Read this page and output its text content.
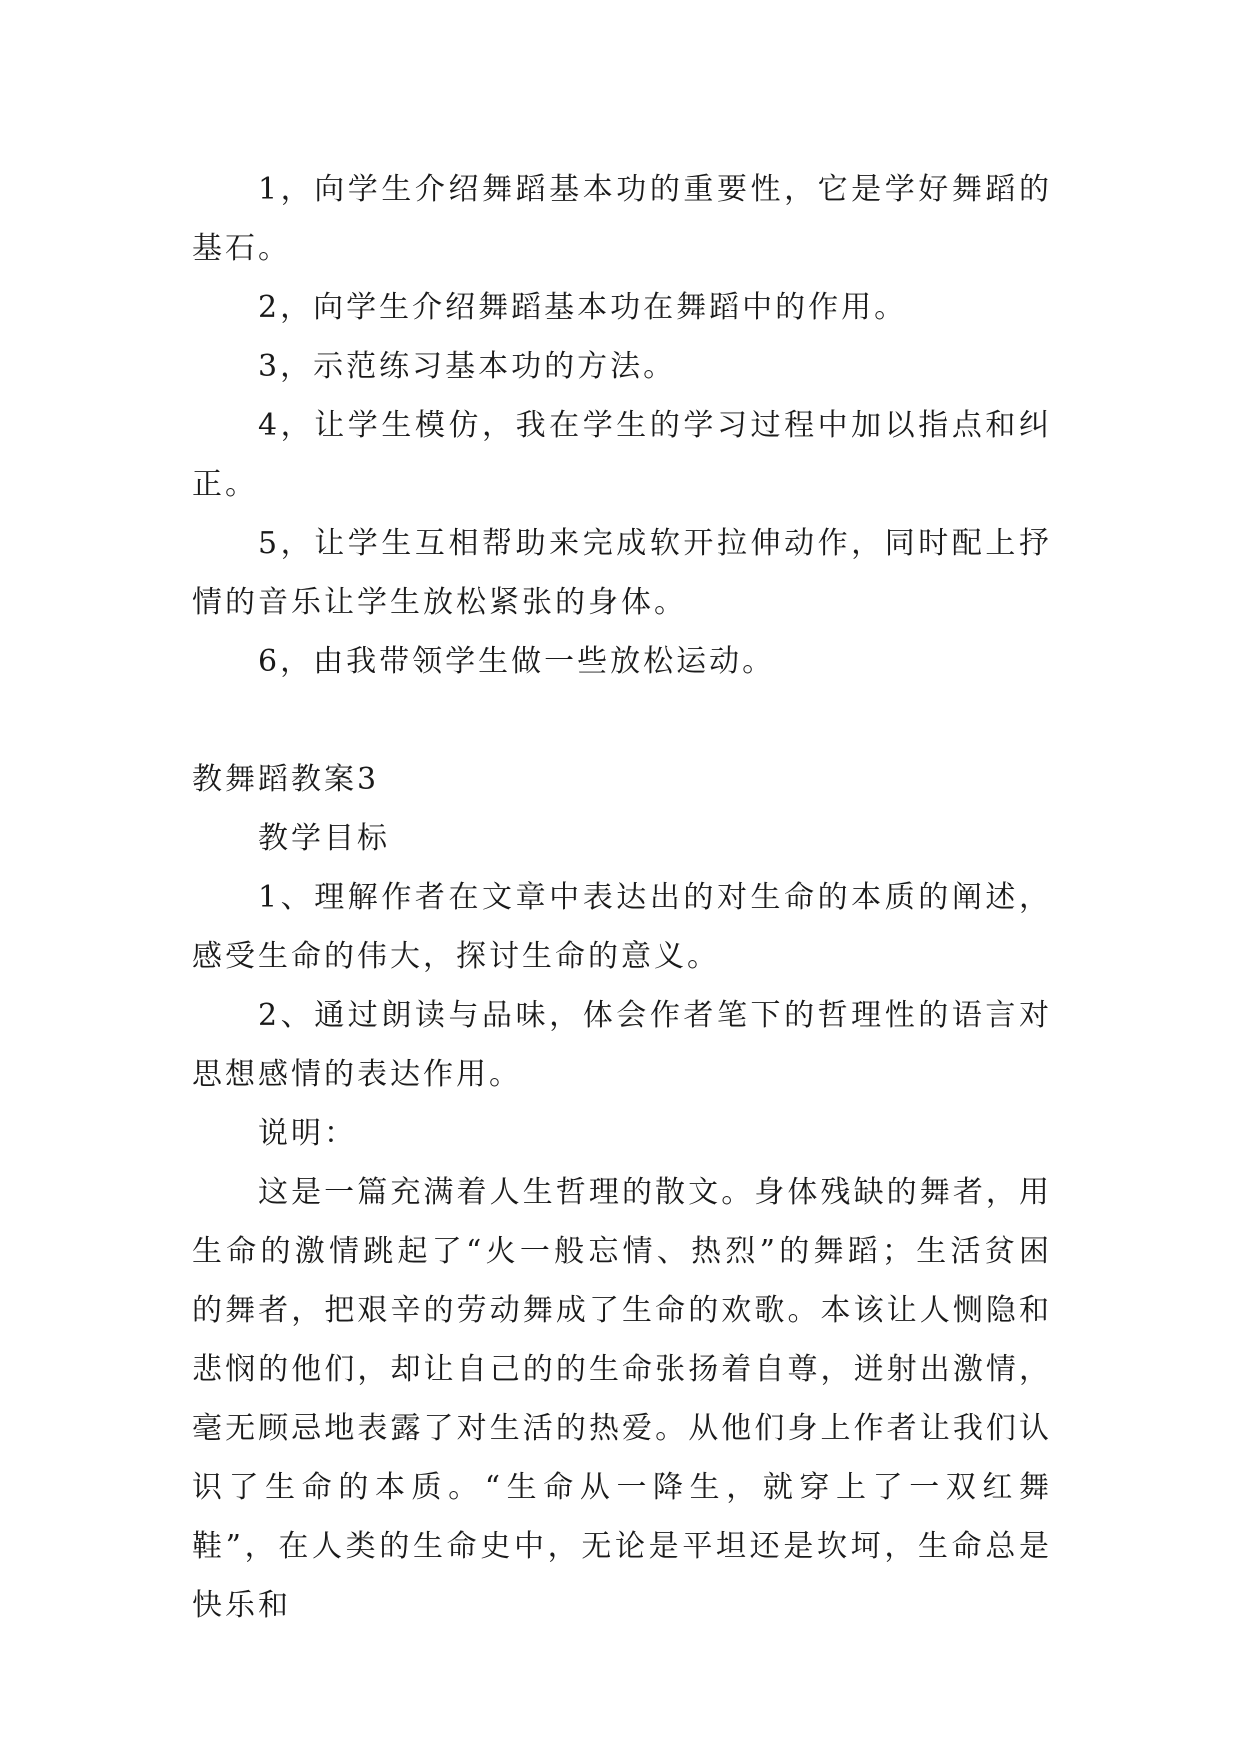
1，向学生介绍舞蹈基本功的重要性，它是学好舞蹈的基石。

2，向学生介绍舞蹈基本功在舞蹈中的作用。

3，示范练习基本功的方法。

4，让学生模仿，我在学生的学习过程中加以指点和纠正。

5，让学生互相帮助来完成软开拉伸动作，同时配上抒情的音乐让学生放松紧张的身体。

6，由我带领学生做一些放松运动。

教舞蹈教案3

教学目标

1、理解作者在文章中表达出的对生命的本质的阐述，感受生命的伟大，探讨生命的意义。

2、通过朗读与品味，体会作者笔下的哲理性的语言对思想感情的表达作用。

说明：

这是一篇充满着人生哲理的散文。身体残缺的舞者，用生命的激情跳起了“火一般忘情、热烈”的舞蹈；生活贫困的舞者，把艰辛的劳动舞成了生命的欢歌。本该让人恻隐和悲悯的他们，却让自己的的生命张扬着自尊，迸射出激情，毫无顾忌地表露了对生活的热爱。从他们身上作者让我们认识了生命的本质。“生命从一降生，就穿上了一双红舞鞋”，在人类的生命史中，无论是平坦还是坎坷，生命总是快乐和
